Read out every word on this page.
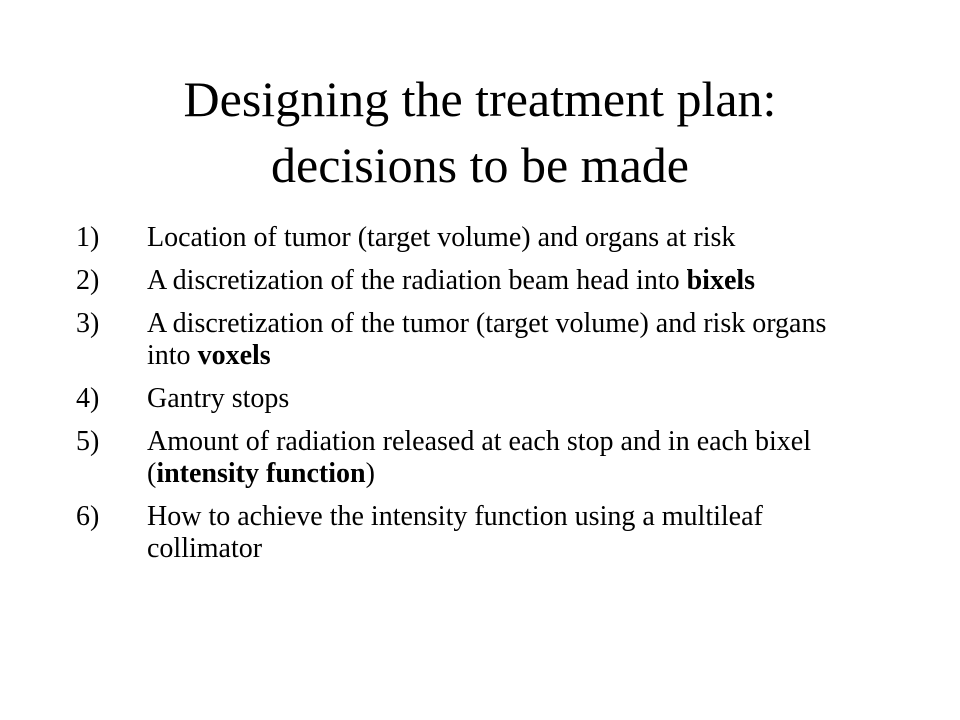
Designing the treatment plan:
decisions to be made
1) Location of tumor (target volume) and organs at risk
2) A discretization of the radiation beam head into bixels
3) A discretization of the tumor (target volume) and risk organs into voxels
4) Gantry stops
5) Amount of radiation released at each stop and in each bixel (intensity function)
6) How to achieve the intensity function using a multileaf collimator
